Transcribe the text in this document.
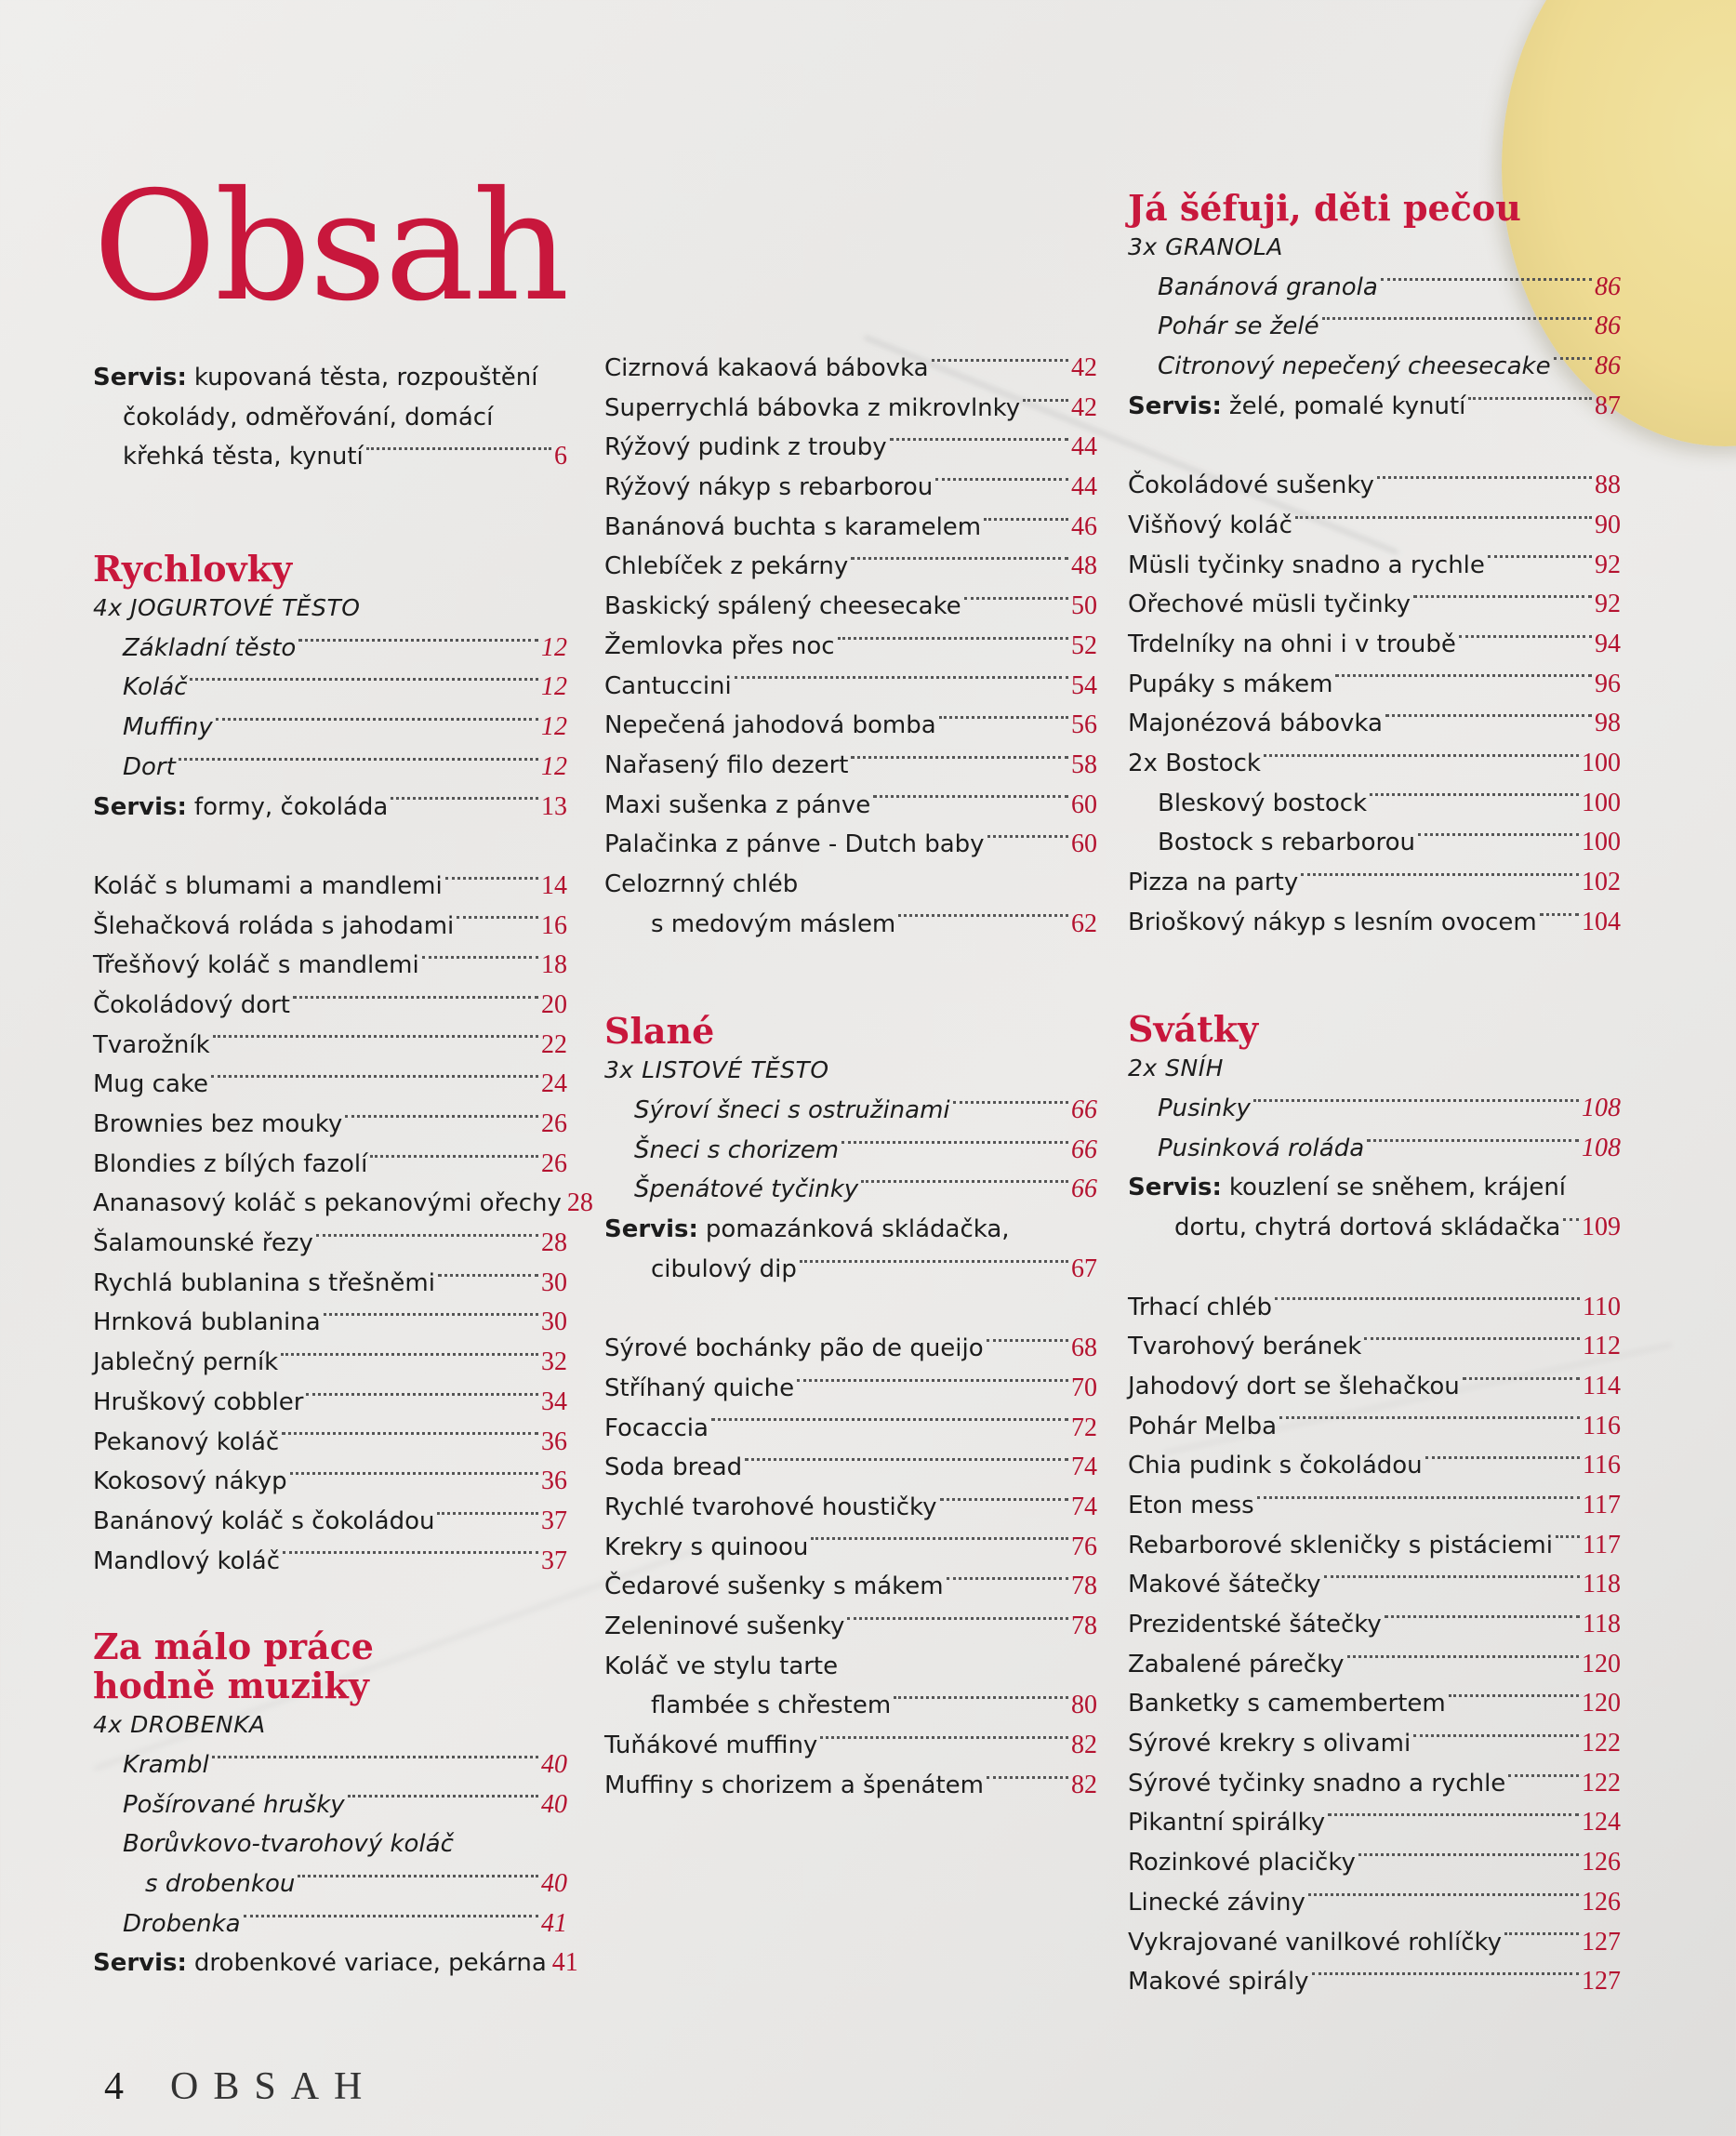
Obsah
Servis: kupovaná těsta, rozpouštění
čokolády, odměřování, domácí
křehká těsta, kynutí	6
Rychlovky
4x JOGURTOVÉ TĚSTO
Základní těsto	12
Koláč	12
Muffiny	12
Dort	12
Servis: formy, čokoláda	13
Koláč s blumami a mandlemi	14
Šlehačková roláda s jahodami	16
Třešňový koláč s mandlemi	18
Čokoládový dort	20
Tvarožník	22
Mug cake	24
Brownies bez mouky	26
Blondies z bílých fazolí	26
Ananasový koláč s pekanovými ořechy 28
Šalamounské řezy	28
Rychlá bublanina s třešněmi	30
Hrnková bublanina	30
Jablečný perník	32
Hruškový cobbler	34
Pekanový koláč	36
Kokosový nákyp	36
Banánový koláč s čokoládou	37
Mandlový koláč	37
Za málo práce
hodně muziky
4x DROBENKA
Krambl	40
Pošírované hrušky	40
Borůvkovo-tvarohový koláč
s drobenkou	40
Drobenka	41
Servis: drobenkové variace, pekárna 41
Cizrnová kakaová bábovka	42
Superrychlá bábovka z mikrovlnky 42
Rýžový pudink z trouby	44
Rýžový nákyp s rebarborou	44
Banánová buchta s karamelem	46
Chlebíček z pekárny	48
Baskický spálený cheesecake	50
Žemlovka přes noc	52
Cantuccini	54
Nepečená jahodová bomba	56
Nařasený filo dezert	58
Maxi sušenka z pánve	60
Palačinka z pánve - Dutch baby	60
Celozrnný chléb
s medovým máslem	62
Slané
3x LISTOVÉ TĚSTO
Sýroví šneci s ostružinami	66
Šneci s chorizem	66
Špenátové tyčinky	66
Servis: pomazánková skládačka,
cibulový dip	67
Sýrové bochánky pão de queijo	68
Stříhaný quiche	70
Focaccia	72
Soda bread	74
Rychlé tvarohové houstičky	74
Krekry s quinoou	76
Čedarové sušenky s mákem	78
Zeleninové sušenky	78
Koláč ve stylu tarte
flambée s chřestem	80
Tuňákové muffiny	82
Muffiny s chorizem a špenátem	82
Já šéfuji, děti pečou
3x GRANOLA
Banánová granola	86
Pohár se želé	86
Citronový nepečený cheesecake 86
Servis: želé, pomalé kynutí	87
Čokoládové sušenky	88
Višňový koláč	90
Müsli tyčinky snadno a rychle	92
Ořechové müsli tyčinky	92
Trdelníky na ohni i v troubě	94
Pupáky s mákem	96
Majonézová bábovka	98
2x Bostock	100
Bleskový bostock	100
Bostock s rebarborou	100
Pizza na party	102
Brioškový nákyp s lesním ovocem 104
Svátky
2x SNÍH
Pusinky	108
Pusinková roláda	108
Servis: kouzlení se sněhem, krájení
dortu, chytrá dortová skládačka 109
Trhací chléb	110
Tvarohový beránek	112
Jahodový dort se šlehačkou	114
Pohár Melba	116
Chia pudink s čokoládou	116
Eton mess	117
Rebarborové skleničky s pistáciemi 117
Makové šátečky	118
Prezidentské šátečky	118
Zabalené párečky	120
Banketky s camembertem	120
Sýrové krekry s olivami	122
Sýrové tyčinky snadno a rychle	122
Pikantní spirálky	124
Rozinkové placičky	126
Linecké záviny	126
Vykrajované vanilkové rohlíčky	127
Makové spirály	127
4 OBSAH
